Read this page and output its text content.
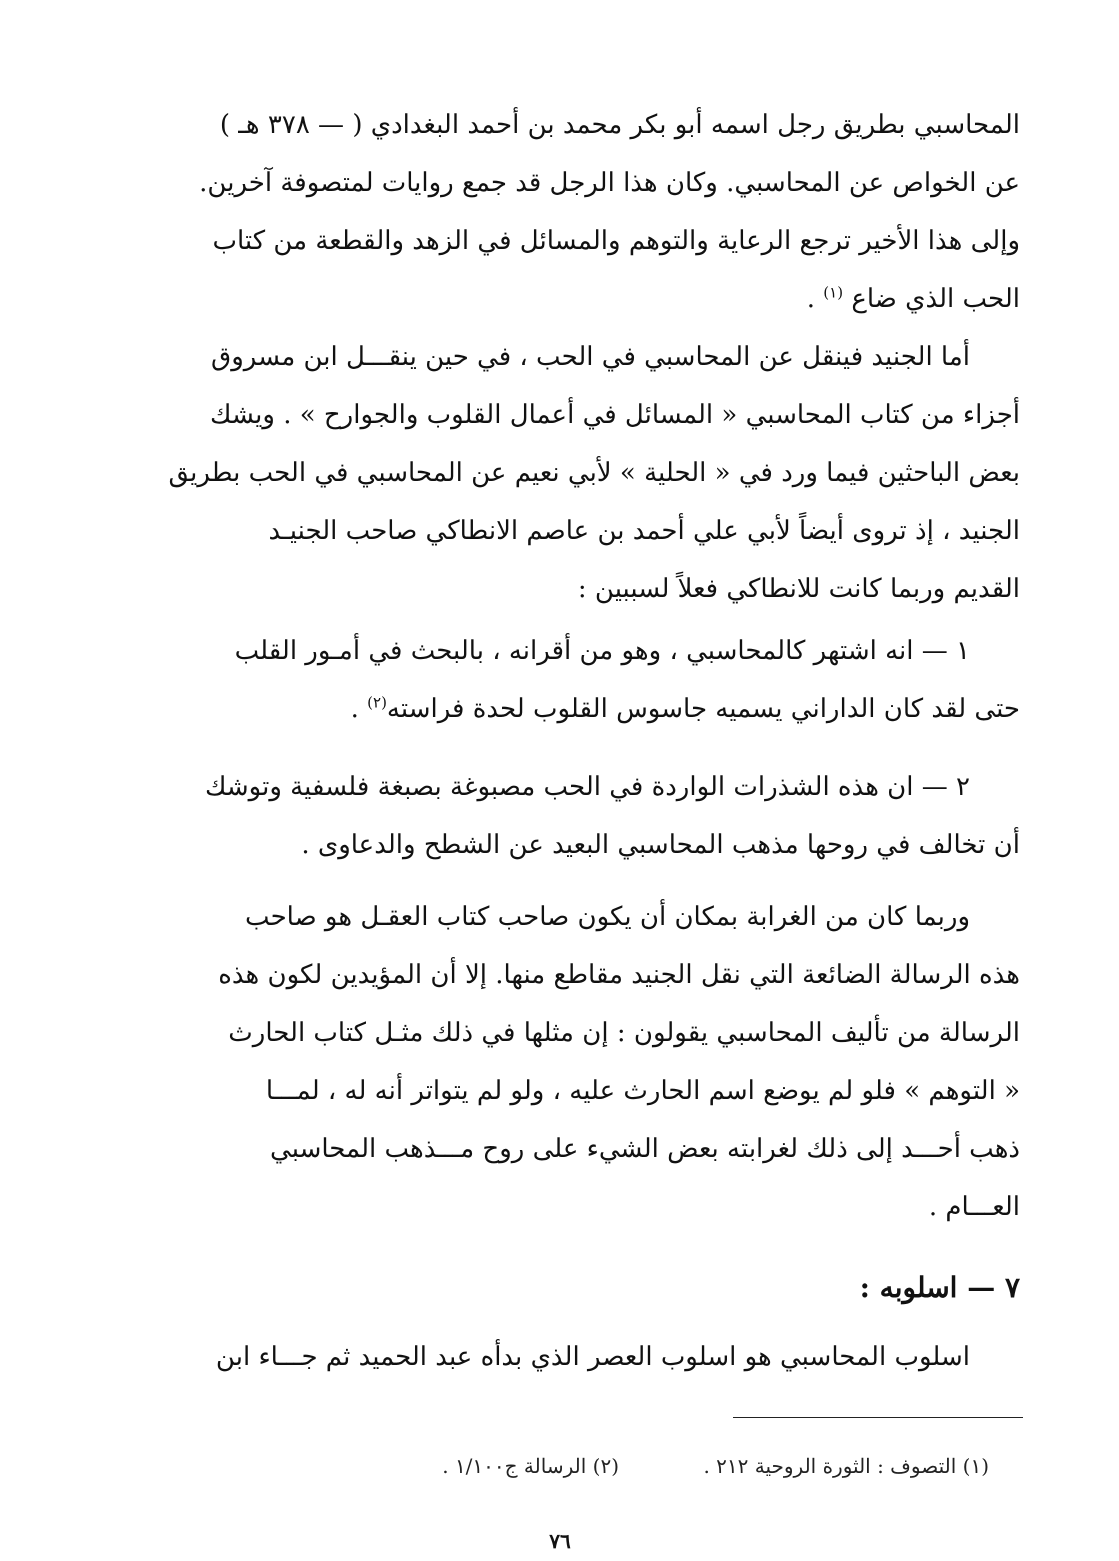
المحاسبي بطريق رجل اسمه أبو بكر محمد بن أحمد البغدادي ( — ٣٧٨ هـ )

عن الخواص عن المحاسبي. وكان هذا الرجل قد جمع روايات لمتصوفة آخرين.

وإلى هذا الأخير ترجع الرعاية والتوهم والمسائل في الزهد والقطعة من كتاب

الحب الذي ضاع $^{(١)}$ .

أما الجنيد فينقل عن المحاسبي في الحب ، في حين ينقـــل ابن مسروق

أجزاء من كتاب المحاسبي « المسائل في أعمال القلوب والجوارح » . ويشك

بعض الباحثين فيما ورد في « الحلية » لأبي نعيم عن المحاسبي في الحب بطريق

الجنيد ، إذ تروى أيضاً لأبي علي أحمد بن عاصم الانطاكي صاحب الجنيـد

القديم وربما كانت للانطاكي فعلاً لسببين :

١ — انه اشتهر كالمحاسبي ، وهو من أقرانه ، بالبحث في أمـور القلب

حتى لقد كان الداراني يسميه جاسوس القلوب لحدة فراسته$^{(٢)}$ .

٢ — ان هذه الشذرات الواردة في الحب مصبوغة بصبغة فلسفية وتوشك

أن تخالف في روحها مذهب المحاسبي البعيد عن الشطح والدعاوى .

وربما كان من الغرابة بمكان أن يكون صاحب كتاب العقـل هو صاحب

هذه الرسالة الضائعة التي نقل الجنيد مقاطع منها. إلا أن المؤيدين لكون هذه

الرسالة من تأليف المحاسبي يقولون : إن مثلها في ذلك مثـل كتاب الحارث

« التوهم » فلو لم يوضع اسم الحارث عليه ، ولو لم يتواتر أنه له ، لمـــا

ذهب أحـــد إلى ذلك لغرابته بعض الشيء على روح مـــذهب المحاسبي

العـــام .

٧ — اسلوبه :

اسلوب المحاسبي هو اسلوب العصر الذي بدأه عبد الحميد ثم جـــاء ابن

(١) التصوف : الثورة الروحية ٢١٢ .
(٢) الرسالة ج١/١٠٠ .
٧٦
